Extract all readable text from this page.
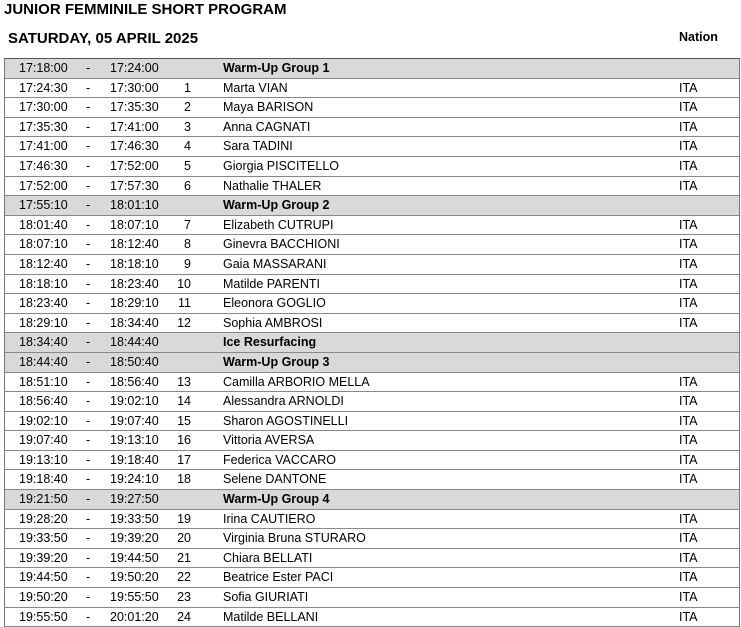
JUNIOR FEMMINILE SHORT PROGRAM
SATURDAY, 05 APRIL 2025	Nation
17:18:00 - 17:24:00	Warm-Up Group 1
17:24:30 - 17:30:00	1	Marta VIAN	ITA
17:30:00 - 17:35:30	2	Maya BARISON	ITA
17:35:30 - 17:41:00	3	Anna CAGNATI	ITA
17:41:00 - 17:46:30	4	Sara TADINI	ITA
17:46:30 - 17:52:00	5	Giorgia PISCITELLO	ITA
17:52:00 - 17:57:30	6	Nathalie THALER	ITA
17:55:10 - 18:01:10	Warm-Up Group 2
18:01:40 - 18:07:10	7	Elizabeth CUTRUPI	ITA
18:07:10 - 18:12:40	8	Ginevra BACCHIONI	ITA
18:12:40 - 18:18:10	9	Gaia MASSARANI	ITA
18:18:10 - 18:23:40	10	Matilde PARENTI	ITA
18:23:40 - 18:29:10	11	Eleonora GOGLIO	ITA
18:29:10 - 18:34:40	12	Sophia AMBROSI	ITA
18:34:40 - 18:44:40	Ice Resurfacing
18:44:40 - 18:50:40	Warm-Up Group 3
18:51:10 - 18:56:40	13	Camilla ARBORIO MELLA	ITA
18:56:40 - 19:02:10	14	Alessandra ARNOLDI	ITA
19:02:10 - 19:07:40	15	Sharon AGOSTINELLI	ITA
19:07:40 - 19:13:10	16	Vittoria AVERSA	ITA
19:13:10 - 19:18:40	17	Federica VACCARO	ITA
19:18:40 - 19:24:10	18	Selene DANTONE	ITA
19:21:50 - 19:27:50	Warm-Up Group 4
19:28:20 - 19:33:50	19	Irina CAUTIERO	ITA
19:33:50 - 19:39:20	20	Virginia Bruna STURARO	ITA
19:39:20 - 19:44:50	21	Chiara BELLATI	ITA
19:44:50 - 19:50:20	22	Beatrice Ester PACI	ITA
19:50:20 - 19:55:50	23	Sofia GIURIATI	ITA
19:55:50 - 20:01:20	24	Matilde BELLANI	ITA
